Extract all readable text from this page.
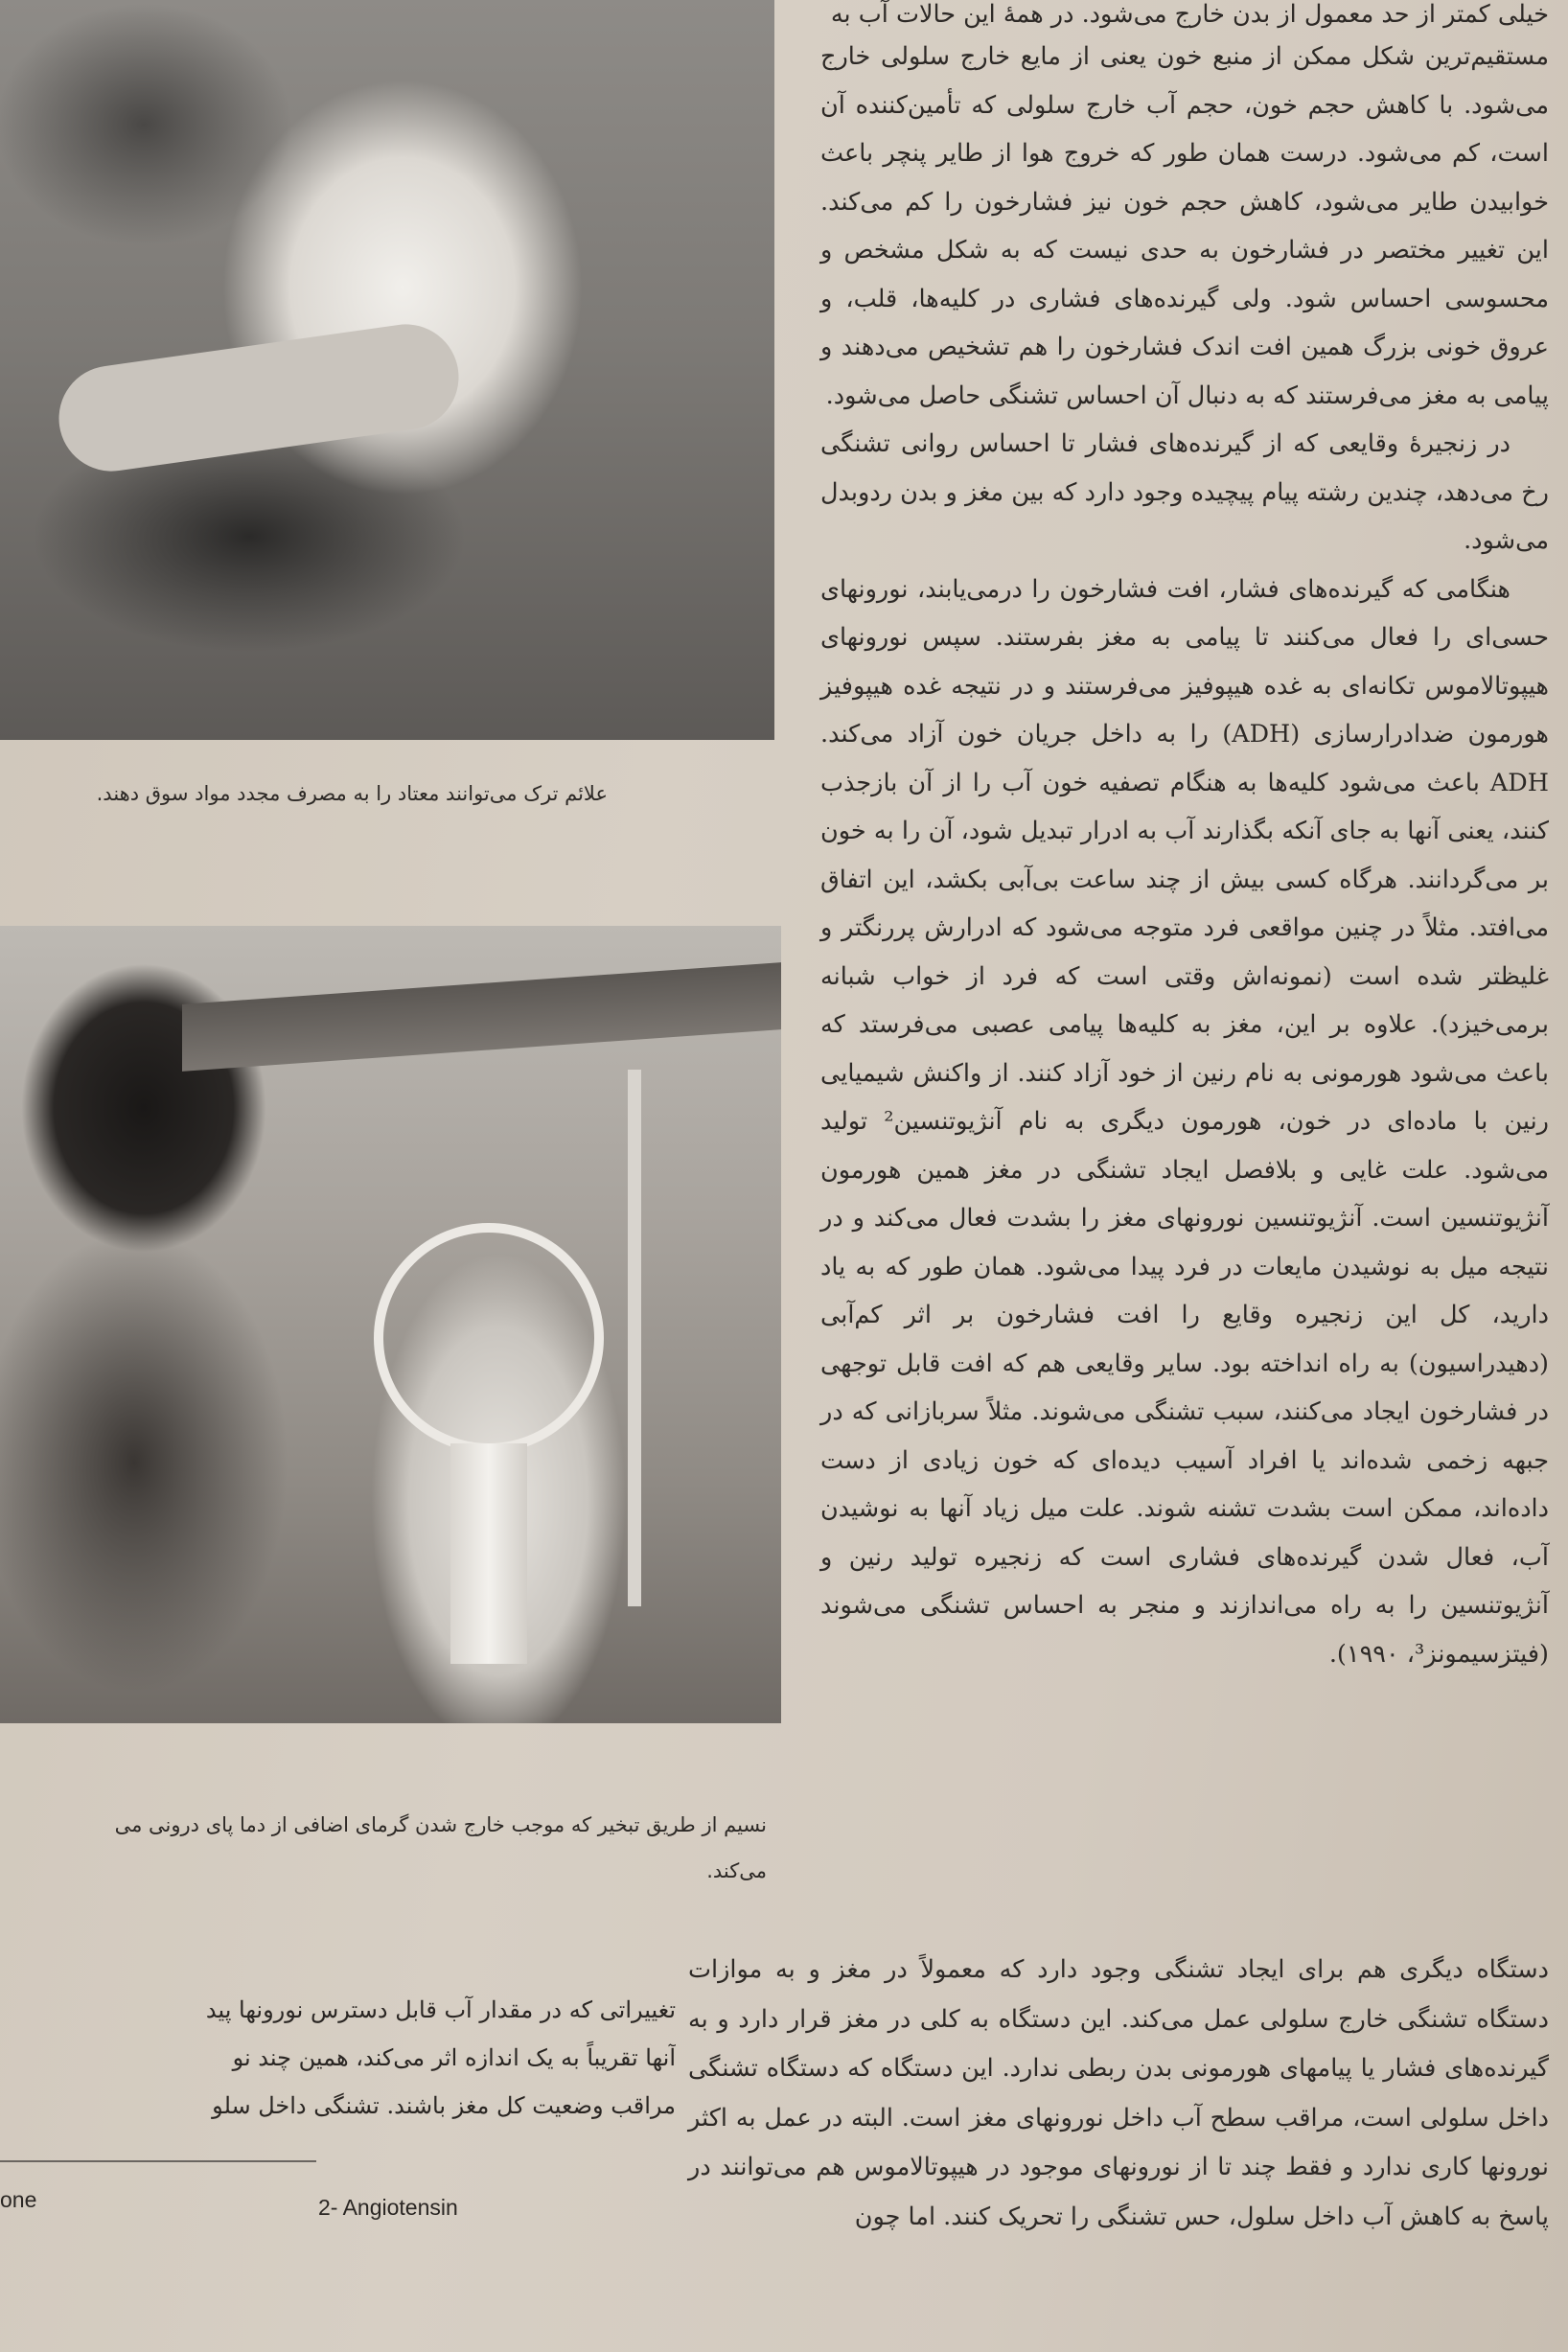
علائم ترک می‌توانند معتاد را به مصرف مجدد مواد سوق دهند.
نسیم از طریق تبخیر که موجب خارج شدن گرمای اضافی از دما پای درونی می‌
می‌کند.

خیلی کمتر از حد معمول از بدن خارج می‌شود. در همهٔ این حالات آب به

مستقیم‌ترین شکل ممکن از منبع خون یعنی از مایع خارج سلولی خارج می‌شود. با کاهش حجم خون، حجم آب خارج سلولی که تأمین‌کننده آن است، کم می‌شود. درست همان طور که خروج هوا از طایر پنچر باعث خوابیدن طایر می‌شود، کاهش حجم خون نیز فشارخون را کم می‌کند. این تغییر مختصر در فشارخون به حدی نیست که به شکل مشخص و محسوسی احساس شود. ولی گیرنده‌های فشاری در کلیه‌ها، قلب، و عروق خونی بزرگ همین افت اندک فشارخون را هم تشخیص می‌دهند و پیامی به مغز می‌فرستند که به دنبال آن احساس تشنگی حاصل می‌شود.

در زنجیرهٔ وقایعی که از گیرنده‌های فشار تا احساس روانی تشنگی رخ می‌دهد، چندین رشته پیام پیچیده وجود دارد که بین مغز و بدن ردوبدل می‌شود.

هنگامی که گیرنده‌های فشار، افت فشارخون را درمی‌یابند، نورونهای حسی‌ای را فعال می‌کنند تا پیامی به مغز بفرستند. سپس نورونهای هیپوتالاموس تکانه‌ای به غده هیپوفیز می‌فرستند و در نتیجه غده هیپوفیز هورمون ضدادرارسازی (ADH) را به داخل جریان خون آزاد می‌کند. ADH باعث می‌شود کلیه‌ها به هنگام تصفیه خون آب را از آن بازجذب کنند، یعنی آنها به جای آنکه بگذارند آب به ادرار تبدیل شود، آن را به خون بر می‌گردانند. هرگاه کسی بیش از چند ساعت بی‌آبی بکشد، این اتفاق می‌افتد. مثلاً در چنین مواقعی فرد متوجه می‌شود که ادرارش پررنگتر و غلیظتر شده است (نمونه‌اش وقتی است که فرد از خواب شبانه برمی‌خیزد). علاوه بر این، مغز به کلیه‌ها پیامی عصبی می‌فرستد که باعث می‌شود هورمونی به نام رنین از خود آزاد کنند. از واکنش شیمیایی رنین با ماده‌ای در خون، هورمون دیگری به نام آنژیوتنسین² تولید می‌شود. علت غایی و بلافصل ایجاد تشنگی در مغز همین هورمون آنژیوتنسین است. آنژیوتنسین نورونهای مغز را بشدت فعال می‌کند و در نتیجه میل به نوشیدن مایعات در فرد پیدا می‌شود. همان طور که به یاد دارید، کل این زنجیره وقایع را افت فشارخون بر اثر کم‌آبی (دهیدراسیون) به راه انداخته بود. سایر وقایعی هم که افت قابل توجهی در فشارخون ایجاد می‌کنند، سبب تشنگی می‌شوند. مثلاً سربازانی که در جبهه زخمی شده‌اند یا افراد آسیب دیده‌ای که خون زیادی از دست داده‌اند، ممکن است بشدت تشنه شوند. علت میل زیاد آنها به نوشیدن آب، فعال شدن گیرنده‌های فشاری است که زنجیره تولید رنین و آنژیوتنسین را به راه می‌اندازند و منجر به احساس تشنگی می‌شوند (فیتزسیمونز³، ۱۹۹۰).

دستگاه دیگری هم برای ایجاد تشنگی وجود دارد که معمولاً در مغز و به موازات دستگاه تشنگی خارج سلولی عمل می‌کند. این دستگاه به کلی در مغز قرار دارد و به گیرنده‌های فشار یا پیامهای هورمونی بدن ربطی ندارد. این دستگاه که دستگاه تشنگی داخل سلولی است، مراقب سطح آب داخل نورونهای مغز است. البته در عمل به اکثر نورونها کاری ندارد و فقط چند تا از نورونهای موجود در هیپوتالاموس هم می‌توانند در پاسخ به کاهش آب داخل سلول، حس تشنگی را تحریک کنند. اما چون

تغییراتی که در مقدار آب قابل دسترس نورونها پید

آنها تقریباً به یک اندازه اثر می‌کند، همین چند نو

مراقب وضعیت کل مغز باشند. تشنگی داخل سلو

one	2- Angiotensin
